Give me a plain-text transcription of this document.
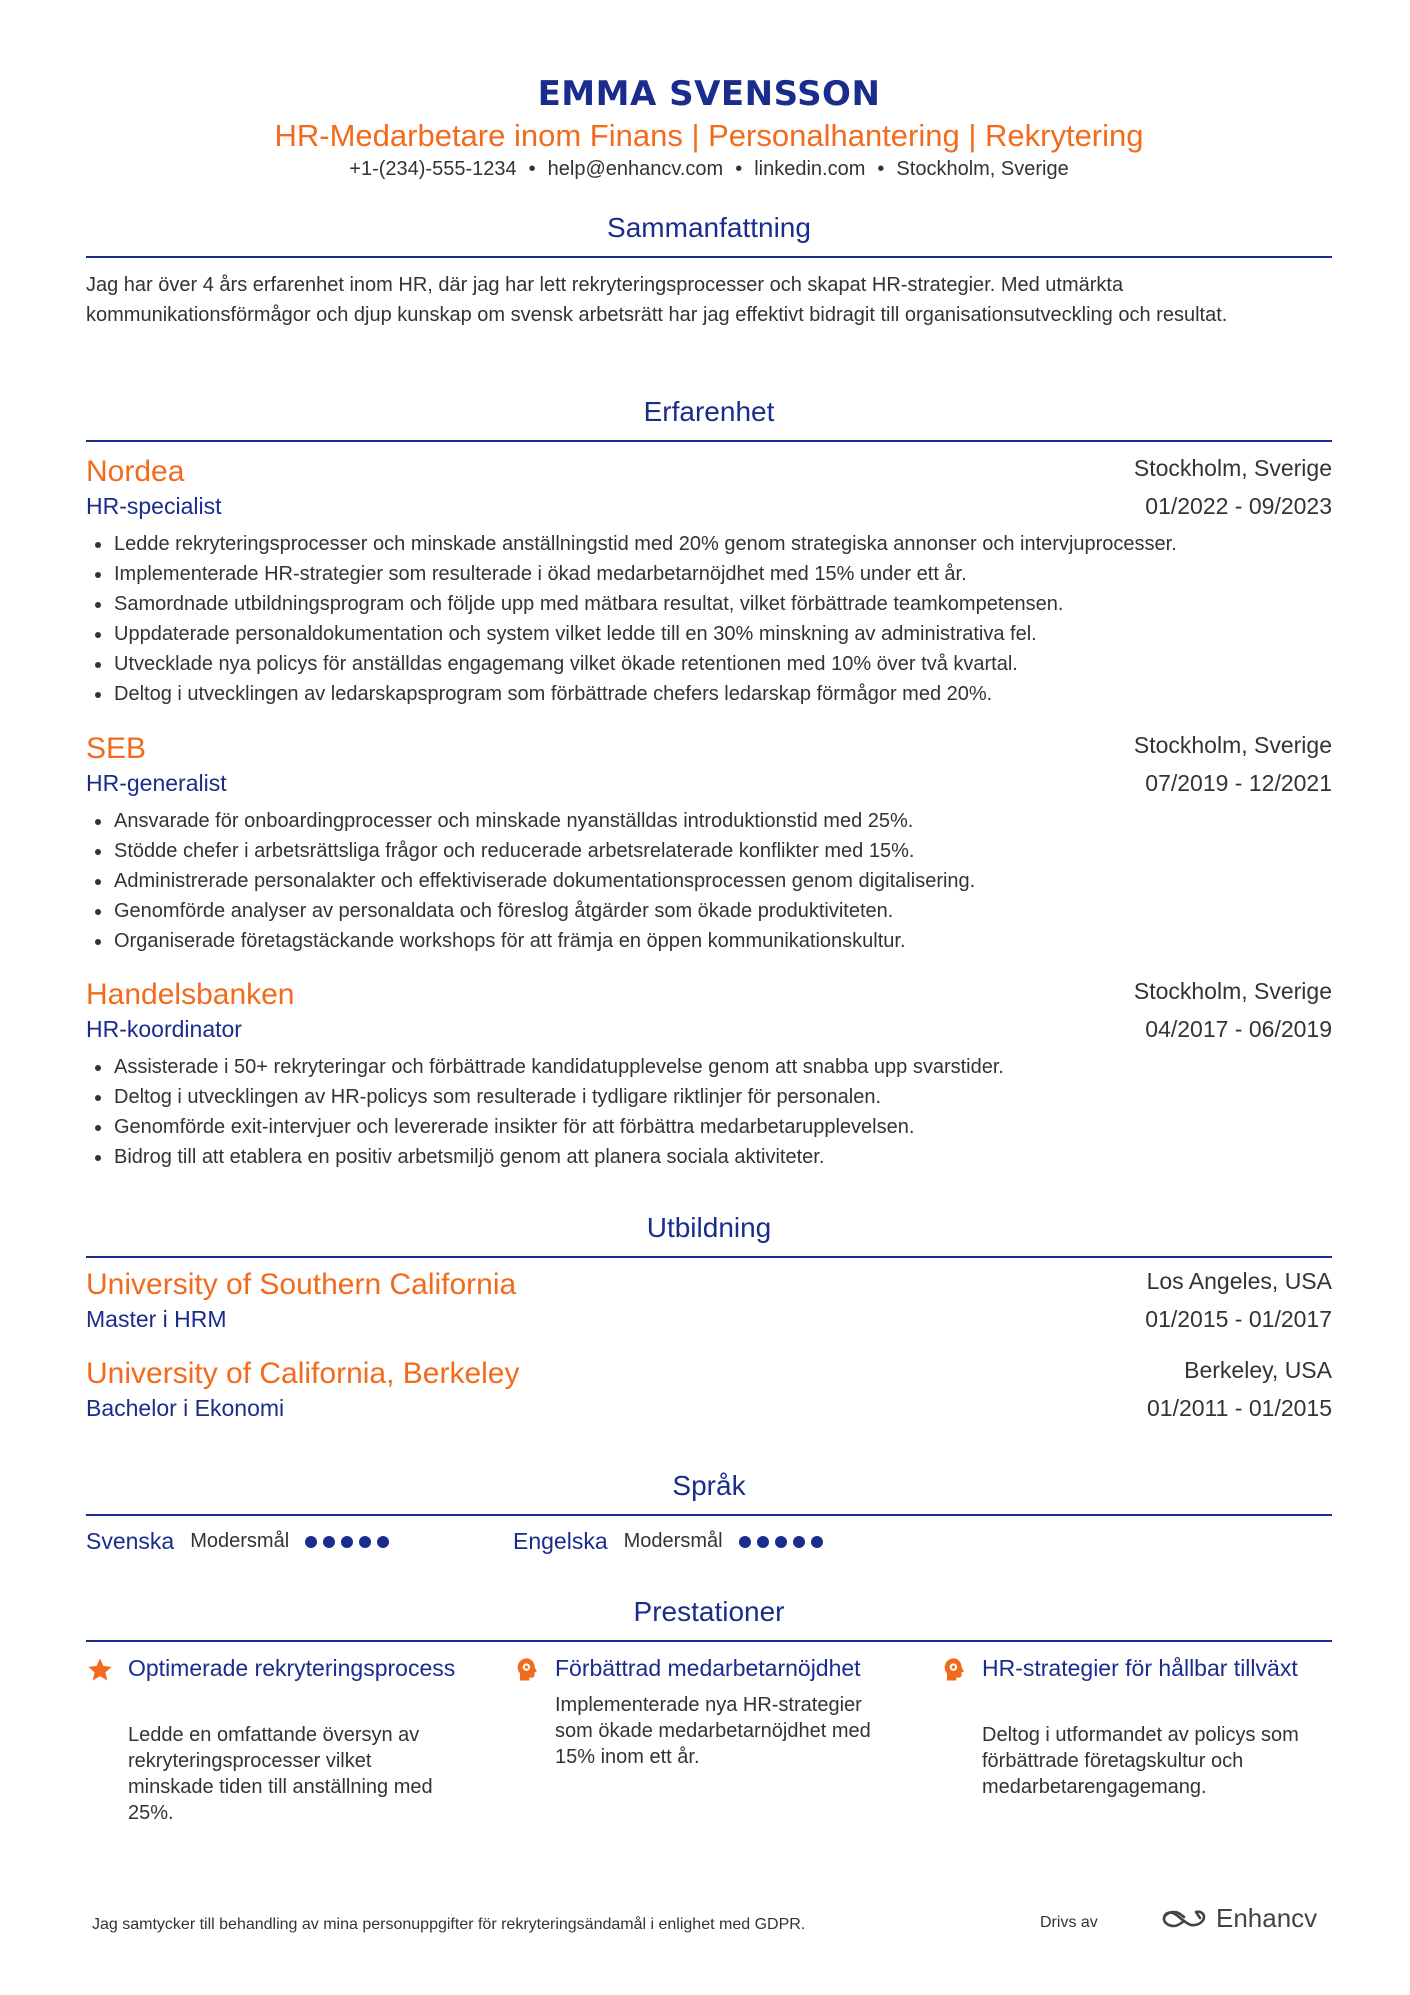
EMMA SVENSSON
HR-Medarbetare inom Finans | Personalhantering | Rekrytering
+1-(234)-555-1234 • help@enhancv.com • linkedin.com • Stockholm, Sverige
Sammanfattning
Jag har över 4 års erfarenhet inom HR, där jag har lett rekryteringsprocesser och skapat HR-strategier. Med utmärkta kommunikationsförmågor och djup kunskap om svensk arbetsrätt har jag effektivt bidragit till organisationsutveckling och resultat.
Erfarenhet
Nordea	Stockholm, Sverige
HR-specialist	01/2022 - 09/2023
Ledde rekryteringsprocesser och minskade anställningstid med 20% genom strategiska annonser och intervjuprocesser.
Implementerade HR-strategier som resulterade i ökad medarbetarnöjdhet med 15% under ett år.
Samordnade utbildningsprogram och följde upp med mätbara resultat, vilket förbättrade teamkompetensen.
Uppdaterade personaldokumentation och system vilket ledde till en 30% minskning av administrativa fel.
Utvecklade nya policys för anställdas engagemang vilket ökade retentionen med 10% över två kvartal.
Deltog i utvecklingen av ledarskapsprogram som förbättrade chefers ledarskap förmågor med 20%.
SEB	Stockholm, Sverige
HR-generalist	07/2019 - 12/2021
Ansvarade för onboardingprocesser och minskade nyanställdas introduktionstid med 25%.
Stödde chefer i arbetsrättsliga frågor och reducerade arbetsrelaterade konflikter med 15%.
Administrerade personalakter och effektiviserade dokumentationsprocessen genom digitalisering.
Genomförde analyser av personaldata och föreslog åtgärder som ökade produktiviteten.
Organiserade företagstäckande workshops för att främja en öppen kommunikationskultur.
Handelsbanken	Stockholm, Sverige
HR-koordinator	04/2017 - 06/2019
Assisterade i 50+ rekryteringar och förbättrade kandidatupplevelse genom att snabba upp svarstider.
Deltog i utvecklingen av HR-policys som resulterade i tydligare riktlinjer för personalen.
Genomförde exit-intervjuer och levererade insikter för att förbättra medarbetarupplevelsen.
Bidrog till att etablera en positiv arbetsmiljö genom att planera sociala aktiviteter.
Utbildning
University of Southern California	Los Angeles, USA
Master i HRM	01/2015 - 01/2017
University of California, Berkeley	Berkeley, USA
Bachelor i Ekonomi	01/2011 - 01/2015
Språk
Svenska Modersmål	Engelska Modersmål
Prestationer
Optimerade rekryteringsprocess
Ledde en omfattande översyn av rekryteringsprocesser vilket minskade tiden till anställning med 25%.
Förbättrad medarbetarnöjdhet
Implementerade nya HR-strategier som ökade medarbetarnöjdhet med 15% inom ett år.
HR-strategier för hållbar tillväxt
Deltog i utformandet av policys som förbättrade företagskultur och medarbetarengagemang.
Jag samtycker till behandling av mina personuppgifter för rekryteringsändamål i enlighet med GDPR.	Drivs av	Enhancv
